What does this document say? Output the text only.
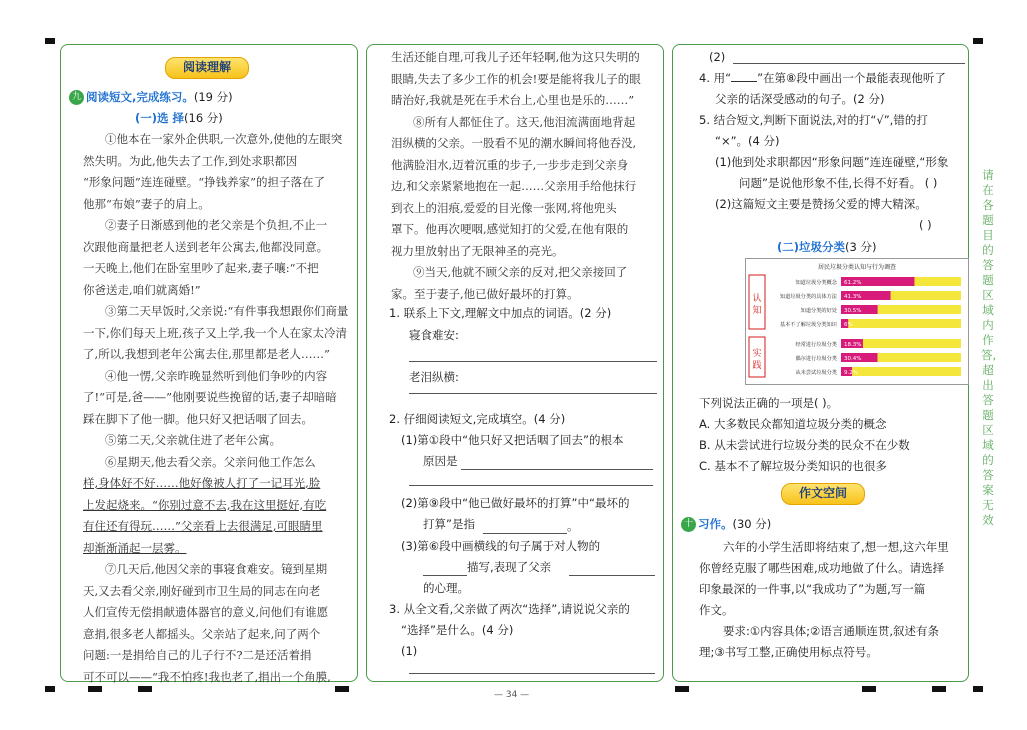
阅读理解
九 阅读短文,完成练习。(19 分)
(一)选 择(16 分)

①他本在一家外企供职,一次意外,使他的左眼突然失明。为此,他失去了工作,到处求职都因

“形象问题”连连碰壁。“挣钱养家”的担子落在了

他那“布娘”妻子的肩上。

②妻子日渐感到他的老父亲是个负担,不止一

次跟他商量把老人送到老年公寓去,他都没同意。

一天晚上,他们在卧室里吵了起来,妻子嚷:“不把

你爸送走,咱们就离婚!”

③第二天早饭时,父亲说:“有件事我想跟你们商量

一下,你们每天上班,孩子又上学,我一个人在家太冷清

了,所以,我想到老年公寓去住,那里都是老人……”

④他一愣,父亲昨晚显然听到他们争吵的内容

了!“可是,爸——”他刚要说些挽留的话,妻子却暗暗

踩在脚下了他一脚。他只好又把话咽了回去。

⑤第二天,父亲就住进了老年公寓。

⑥星期天,他去看父亲。父亲问他工作怎么

样,身体好不好……他好像被人打了一记耳光,脸

上发起烧来。“你别过意不去,我在这里挺好,有吃

有住还有得玩……”父亲看上去很满足,可眼睛里

却渐渐涌起一层雾。

⑦几天后,他因父亲的事寝食难安。镜到星期

天,又去看父亲,刚好碰到市卫生局的同志在向老

人们宣传无偿捐献遗体器官的意义,问他们有谁愿

意捐,很多老人都摇头。父亲站了起来,问了两个

问题:一是捐给自己的儿子行不?二是还活着捐

可不可以——“我不怕疼!我也老了,捐出一个角膜,

生活还能自理,可我儿子还年轻啊,他为这只失明的

眼睛,失去了多少工作的机会!要是能将我儿子的眼

睛治好,我就是死在手术台上,心里也是乐的……”

⑧所有人都怔住了。这天,他泪流满面地背起

泪纵横的父亲。一股看不见的潮水瞬间将他吞没,

他满脸泪水,迈着沉重的步子,一步步走到父亲身

边,和父亲紧紧地抱在一起……父亲用手给他抹行

到衣上的泪痕,爱爱的目光像一张网,将他兜头

罩下。他再次哽咽,感觉知打的父爱,在他有限的

视力里放射出了无限神圣的亮光。

⑨当天,他就不顾父亲的反对,把父亲接回了

家。至于妻子,他已做好最坏的打算。

1. 联系上下文,理解文中加点的词语。(2 分)
寝食难安:
老泪纵横:
2. 仔细阅读短文,完成填空。(4 分)
(1)第①段中“他只好又把话咽了回去”的根本
原因是
(2)第⑨段中“他已做好最坏的打算”中“最坏的
打算”是指	。
(3)第⑥段中画横线的句子属于对人物的
描写,表现了父亲
的心理。
3. 从全文看,父亲做了两次“选择”,请说说父亲的
“选择”是什么。(4 分)
(1)
— 34 —
(2)
4. 用“ ”在第⑧段中画出一个最能表现他听了
父亲的话深受感动的句子。(2 分)
5. 结合短文,判断下面说法,对的打“√”,错的打
“×”。(4 分)
(1)他到处求职都因“形象问题”连连碰壁,“形象
问题”是说他形象不佳,长得不好看。 ( )
(2)这篇短文主要是赞扬父爱的博大精深。
( )
(二)垃圾分类(3 分)
下列说法正确的一项是( )。
A. 大多数民众都知道垃圾分类的概念
B. 从未尝试进行垃圾分类的民众不在少数
C. 基本不了解垃圾分类知识的也很多
作文空间
十 习作。(30 分)

六年的小学生活即将结束了,想一想,这六年里

你曾经克服了哪些困难,成功地做了什么。请选择

印象最深的一件事,以“我成功了”为题,写一篇

作文。

要求:①内容具体;②语言通顺连贯,叙述有条

理;③书写工整,正确使用标点符号。

居民垃圾分类认知与行为调查
认
知
知道垃圾分类概念 61.2%
知道垃圾分类的具体方法 41.3%
知道分类的好处 30.5%
基本不了解垃圾分类知识 6%
实
践
经常进行垃圾分类 18.3%
偶尔进行垃圾分类 30.4%
从未尝试垃圾分类 9.2%
请在各题目的答题区域内作答,超出答题区域的答案无效
